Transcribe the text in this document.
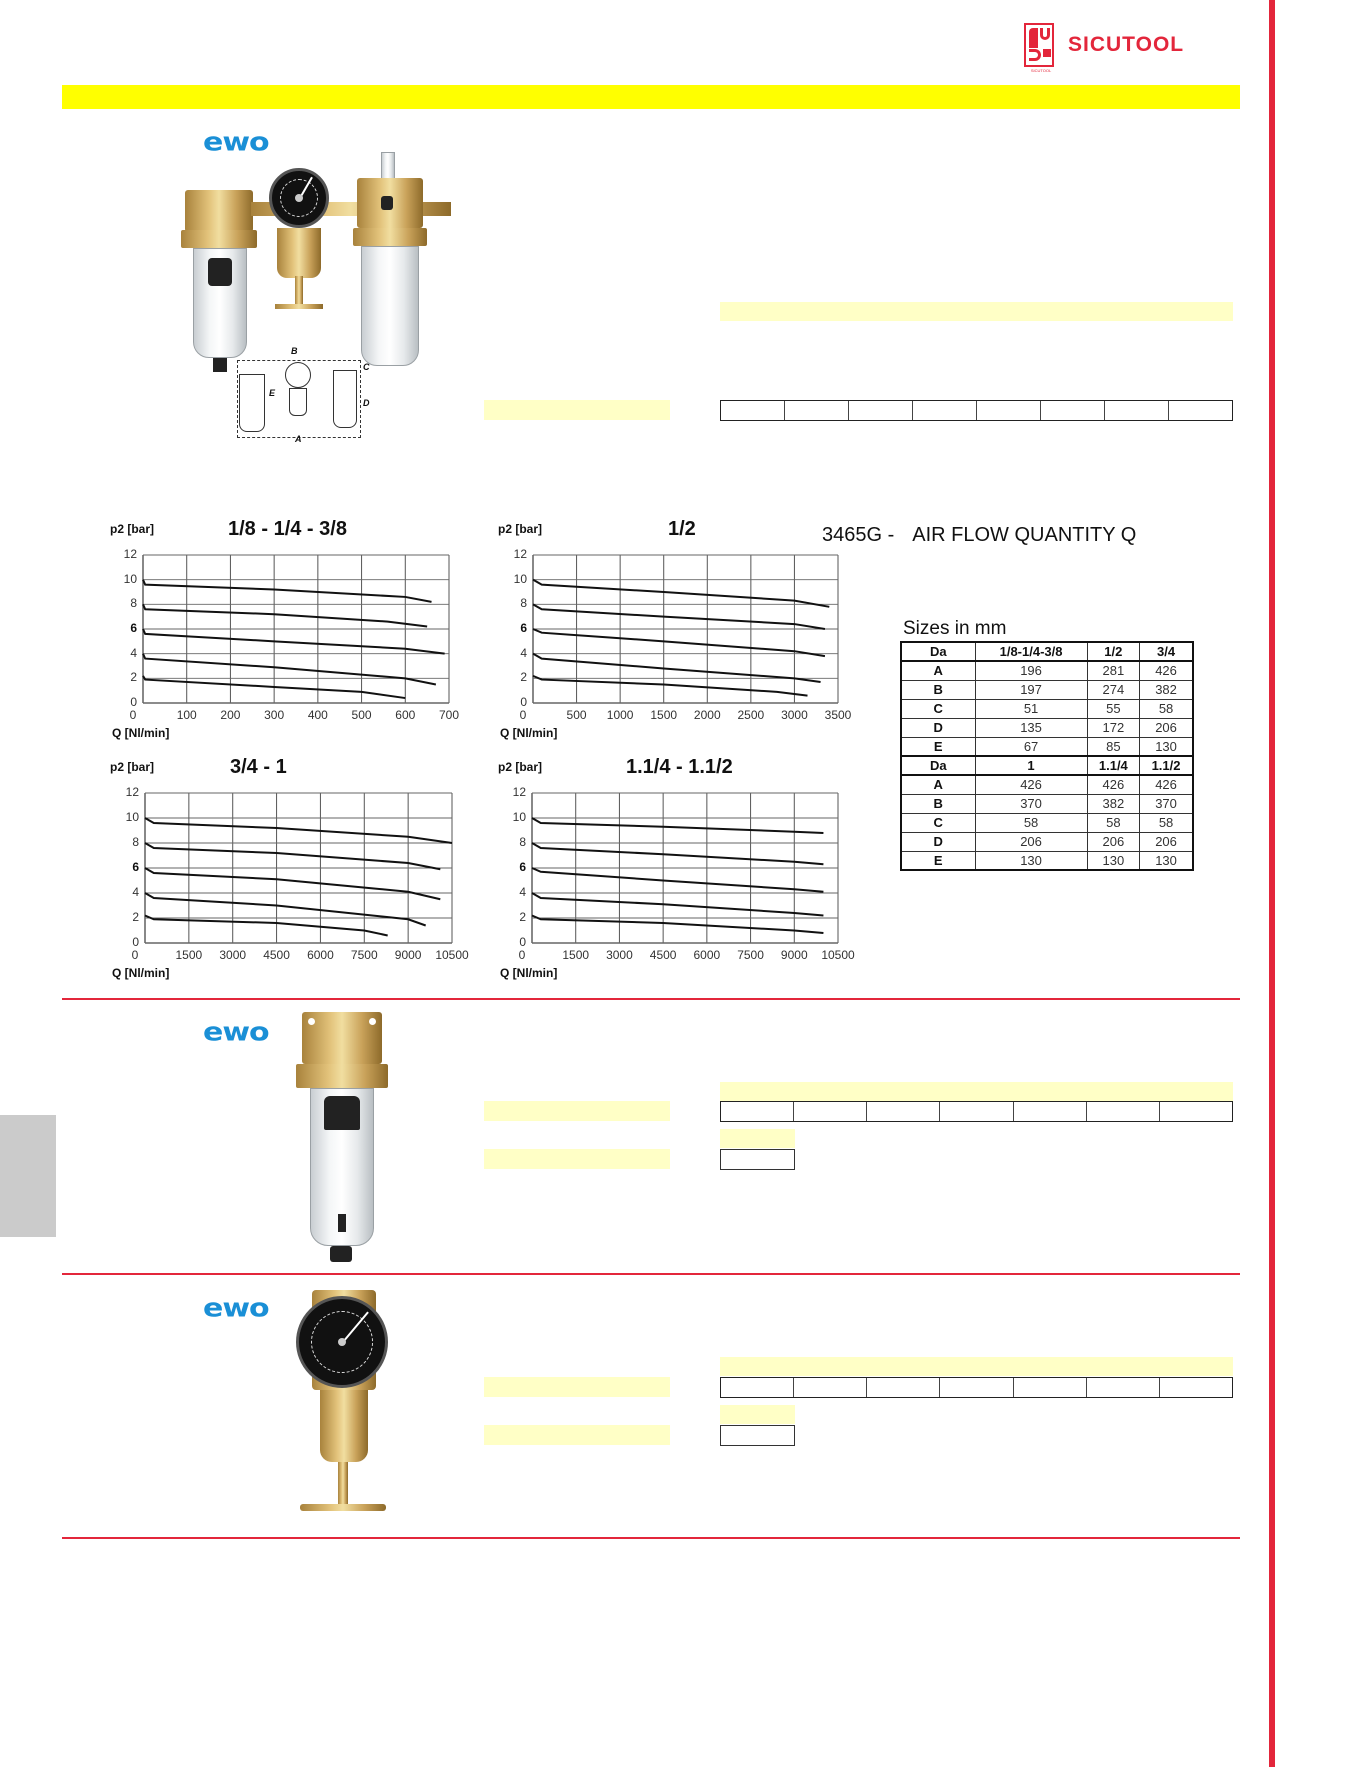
SICUTOOL
SICUTOOL
ewo
B
C
E
D
A
3465G - AIR FLOW QUANTITY Q
p2 [bar]	1/8 - 1/4 - 3/8
0
2
4
6
8
10
12
0	100	200	300	400	500	600	700
Q [Nl/min]
p2 [bar]	1/2
0
2
4
6
8
10
12
0	500	1000	1500	2000	2500	3000	3500
Q [Nl/min]
p2 [bar]	3/4 - 1
0
2
4
6
8
10
12
0	1500	3000	4500	6000	7500	9000	10500
Q [Nl/min]
p2 [bar]	1.1/4 - 1.1/2
0
2
4
6
8
10
12
0	1500	3000	4500	6000	7500	9000	10500
Q [Nl/min]
Sizes in mm
Da	1/8-1/4-3/8	1/2	3/4
A	196	281	426
B	197	274	382
C	51	55	58
D	135	172	206
E	67	85	130
Da	1	1.1/4	1.1/2
A	426	426	426
B	370	382	370
C	58	58	58
D	206	206	206
E	130	130	130
ewo
ewo
